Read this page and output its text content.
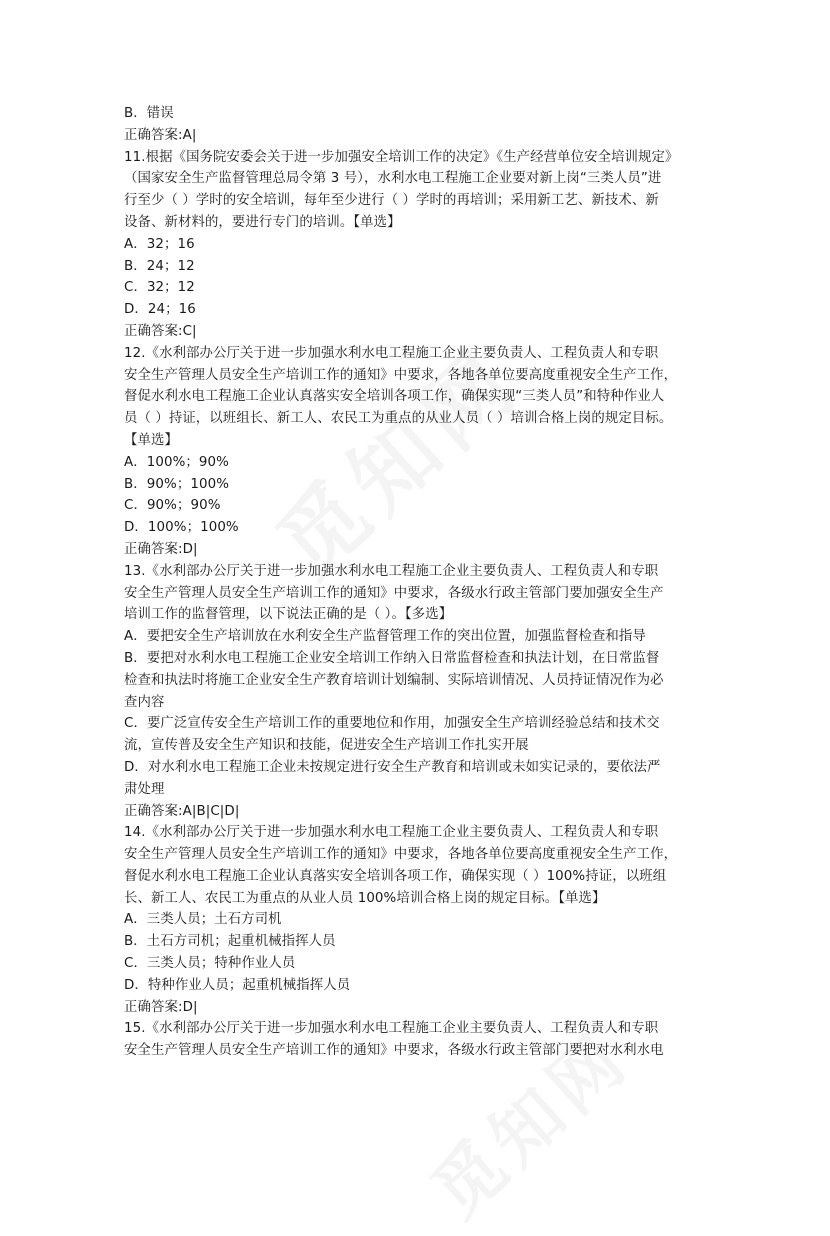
B．错误
正确答案:A|
11.根据《国务院安委会关于进一步加强安全培训工作的决定》《生产经营单位安全培训规定》
（国家安全生产监督管理总局令第 3 号），水利水电工程施工企业要对新上岗“三类人员”进
行至少（ ）学时的安全培训，每年至少进行（ ）学时的再培训；采用新工艺、新技术、新
设备、新材料的，要进行专门的培训。【单选】
A．32；16
B．24；12
C．32；12
D．24；16
正确答案:C|
12.《水利部办公厅关于进一步加强水利水电工程施工企业主要负责人、工程负责人和专职
安全生产管理人员安全生产培训工作的通知》中要求，各地各单位要高度重视安全生产工作，
督促水利水电工程施工企业认真落实安全培训各项工作，确保实现“三类人员”和特种作业人
员（ ）持证，以班组长、新工人、农民工为重点的从业人员（ ）培训合格上岗的规定目标。
【单选】
A．100%；90%
B．90%；100%
C．90%；90%
D．100%；100%
正确答案:D|
13.《水利部办公厅关于进一步加强水利水电工程施工企业主要负责人、工程负责人和专职
安全生产管理人员安全生产培训工作的通知》中要求，各级水行政主管部门要加强安全生产
培训工作的监督管理，以下说法正确的是（ ）。【多选】
A．要把安全生产培训放在水利安全生产监督管理工作的突出位置，加强监督检查和指导
B．要把对水利水电工程施工企业安全培训工作纳入日常监督检查和执法计划，在日常监督
检查和执法时将施工企业安全生产教育培训计划编制、实际培训情况、人员持证情况作为必
查内容
C．要广泛宣传安全生产培训工作的重要地位和作用，加强安全生产培训经验总结和技术交
流，宣传普及安全生产知识和技能，促进安全生产培训工作扎实开展
D．对水利水电工程施工企业未按规定进行安全生产教育和培训或未如实记录的，要依法严
肃处理
正确答案:A|B|C|D|
14.《水利部办公厅关于进一步加强水利水电工程施工企业主要负责人、工程负责人和专职
安全生产管理人员安全生产培训工作的通知》中要求，各地各单位要高度重视安全生产工作，
督促水利水电工程施工企业认真落实安全培训各项工作，确保实现（ ）100%持证，以班组
长、新工人、农民工为重点的从业人员 100%培训合格上岗的规定目标。【单选】
A．三类人员；土石方司机
B．土石方司机；起重机械指挥人员
C．三类人员；特种作业人员
D．特种作业人员；起重机械指挥人员
正确答案:D|
15.《水利部办公厅关于进一步加强水利水电工程施工企业主要负责人、工程负责人和专职
安全生产管理人员安全生产培训工作的通知》中要求，各级水行政主管部门要把对水利水电
